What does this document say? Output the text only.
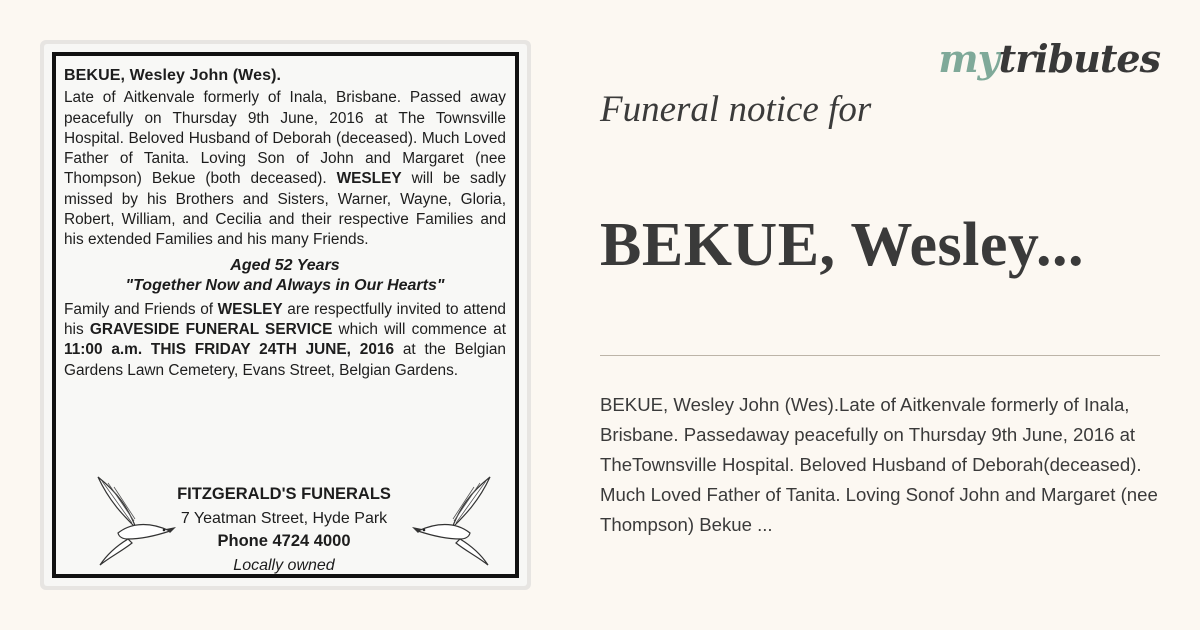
BEKUE, Wesley John (Wes).

Late of Aitkenvale formerly of Inala, Brisbane. Passed away peacefully on Thursday 9th June, 2016 at The Townsville Hospital. Beloved Husband of Deborah (deceased). Much Loved Father of Tanita. Loving Son of John and Margaret (nee Thompson) Bekue (both deceased). WESLEY will be sadly missed by his Brothers and Sisters, Warner, Wayne, Gloria, Robert, William, and Cecilia and their respective Families and his extended Families and his many Friends.

Aged 52 Years

"Together Now and Always in Our Hearts"

Family and Friends of WESLEY are respectfully invited to attend his GRAVESIDE FUNERAL SERVICE which will commence at 11:00 a.m. THIS FRIDAY 24TH JUNE, 2016 at the Belgian Gardens Lawn Cemetery, Evans Street, Belgian Gardens.

FITZGERALD'S FUNERALS
7 Yeatman Street, Hyde Park
Phone 4724 4000
Locally owned
mytributes
Funeral notice for
BEKUE, Wesley...
BEKUE, Wesley John (Wes).Late of Aitkenvale formerly of Inala, Brisbane. Passedaway peacefully on Thursday 9th June, 2016 at TheTownsville Hospital. Beloved Husband of Deborah(deceased). Much Loved Father of Tanita. Loving Sonof John and Margaret (nee Thompson) Bekue ...
